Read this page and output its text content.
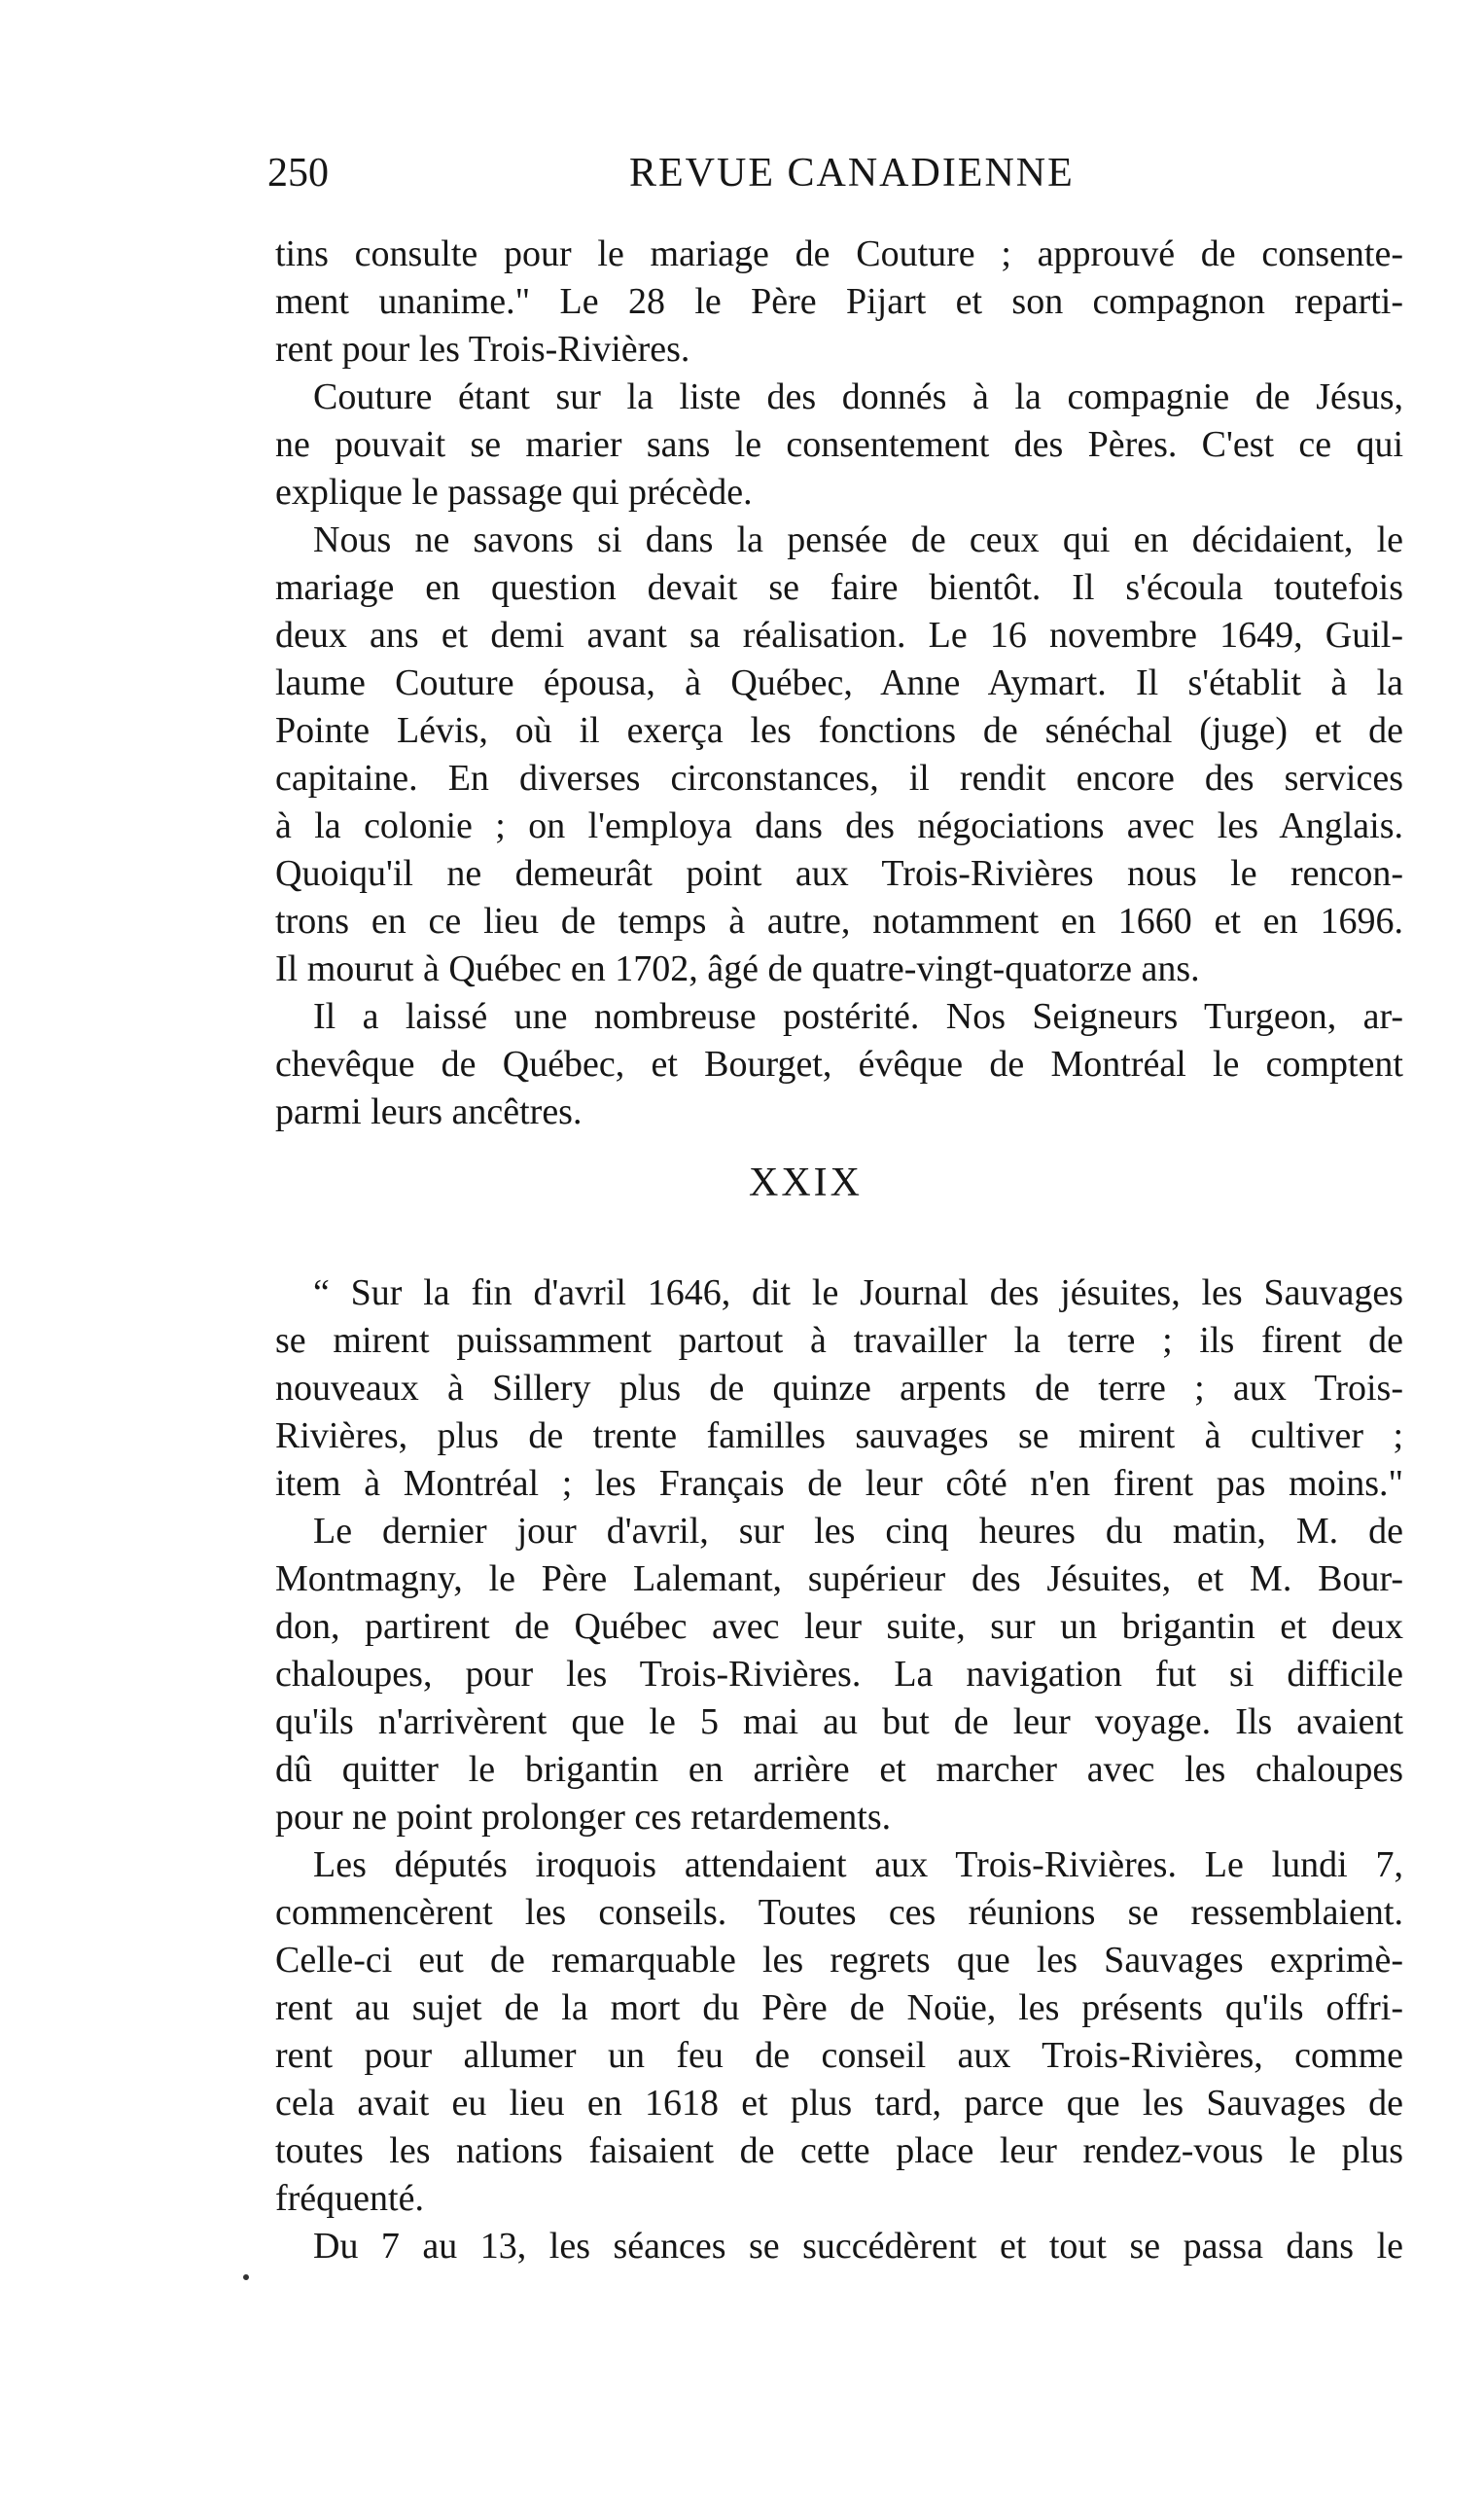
250	REVUE CANADIENNE
tins consulte pour le mariage de Couture ; approuvé de consente-
ment unanime." Le 28 le Père Pijart et son compagnon reparti-
rent pour les Trois-Rivières.
Couture étant sur la liste des donnés à la compagnie de Jésus,
ne pouvait se marier sans le consentement des Pères. C'est ce qui
explique le passage qui précède.
Nous ne savons si dans la pensée de ceux qui en décidaient, le
mariage en question devait se faire bientôt. Il s'écoula toutefois
deux ans et demi avant sa réalisation. Le 16 novembre 1649, Guil-
laume Couture épousa, à Québec, Anne Aymart. Il s'établit à la
Pointe Lévis, où il exerça les fonctions de sénéchal (juge) et de
capitaine. En diverses circonstances, il rendit encore des services
à la colonie ; on l'employa dans des négociations avec les Anglais.
Quoiqu'il ne demeurât point aux Trois-Rivières nous le rencon-
trons en ce lieu de temps à autre, notamment en 1660 et en 1696.
Il mourut à Québec en 1702, âgé de quatre-vingt-quatorze ans.
Il a laissé une nombreuse postérité. Nos Seigneurs Turgeon, ar-
chevêque de Québec, et Bourget, évêque de Montréal le comptent
parmi leurs ancêtres.
XXIX
“ Sur la fin d'avril 1646, dit le Journal des jésuites, les Sauvages
se mirent puissamment partout à travailler la terre ; ils firent de
nouveaux à Sillery plus de quinze arpents de terre ; aux Trois-
Rivières, plus de trente familles sauvages se mirent à cultiver ;
item à Montréal ; les Français de leur côté n'en firent pas moins."
Le dernier jour d'avril, sur les cinq heures du matin, M. de
Montmagny, le Père Lalemant, supérieur des Jésuites, et M. Bour-
don, partirent de Québec avec leur suite, sur un brigantin et deux
chaloupes, pour les Trois-Rivières. La navigation fut si difficile
qu'ils n'arrivèrent que le 5 mai au but de leur voyage. Ils avaient
dû quitter le brigantin en arrière et marcher avec les chaloupes
pour ne point prolonger ces retardements.
Les députés iroquois attendaient aux Trois-Rivières. Le lundi 7,
commencèrent les conseils. Toutes ces réunions se ressemblaient.
Celle-ci eut de remarquable les regrets que les Sauvages exprimè-
rent au sujet de la mort du Père de Noüe, les présents qu'ils offri-
rent pour allumer un feu de conseil aux Trois-Rivières, comme
cela avait eu lieu en 1618 et plus tard, parce que les Sauvages de
toutes les nations faisaient de cette place leur rendez-vous le plus
fréquenté.
Du 7 au 13, les séances se succédèrent et tout se passa dans le
